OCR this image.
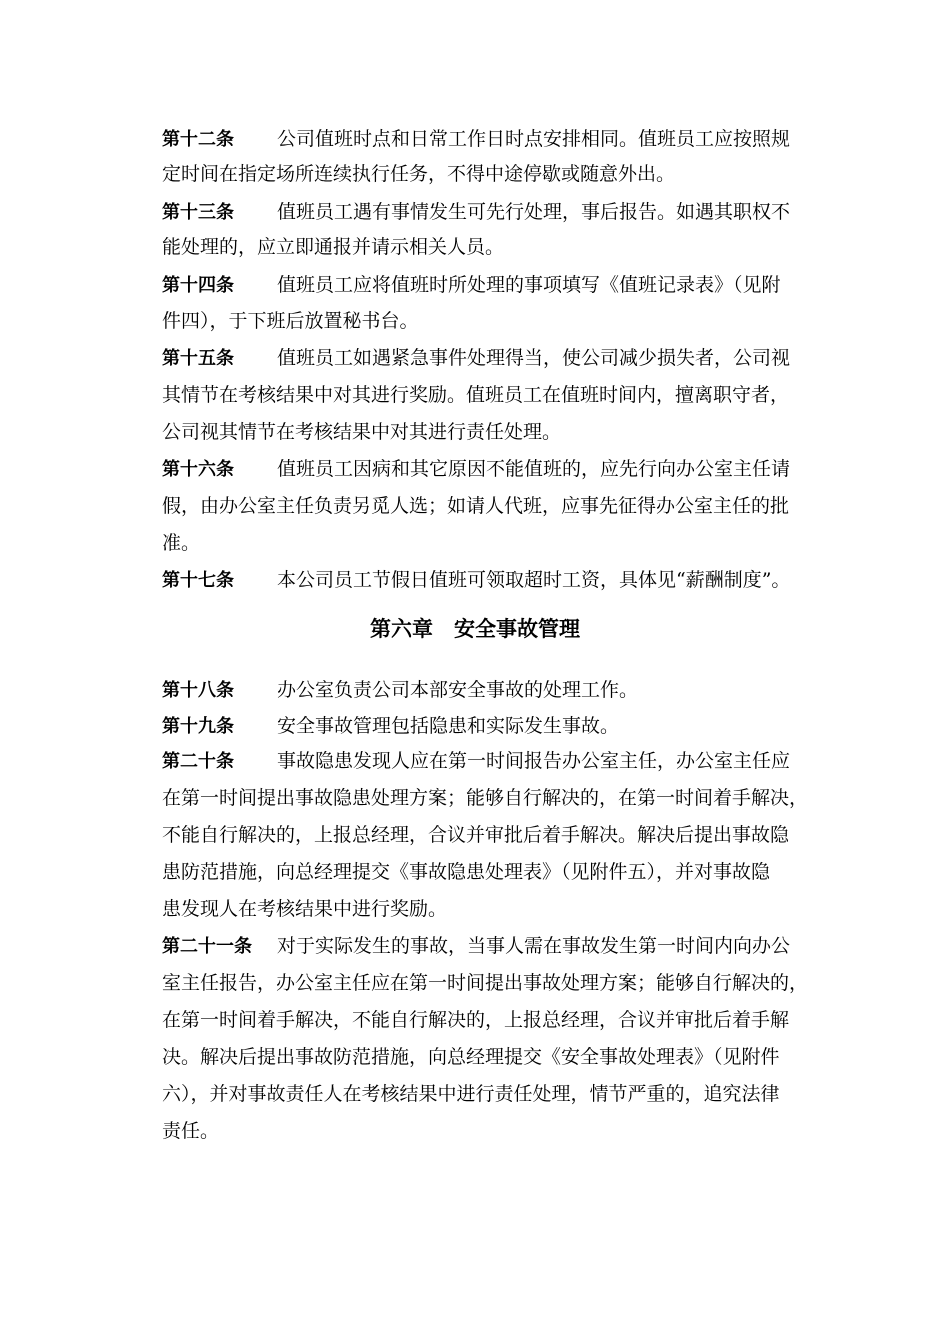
第十二条 公司值班时点和日常工作日时点安排相同。值班员工应按照规
定时间在指定场所连续执行任务，不得中途停歇或随意外出。
第十三条 值班员工遇有事情发生可先行处理，事后报告。如遇其职权不
能处理的，应立即通报并请示相关人员。
第十四条 值班员工应将值班时所处理的事项填写《值班记录表》（见附
件四），于下班后放置秘书台。
第十五条 值班员工如遇紧急事件处理得当，使公司减少损失者，公司视
其情节在考核结果中对其进行奖励。值班员工在值班时间内，擅离职守者，
公司视其情节在考核结果中对其进行责任处理。
第十六条 值班员工因病和其它原因不能值班的，应先行向办公室主任请
假，由办公室主任负责另觅人选；如请人代班，应事先征得办公室主任的批
准。
第十七条 本公司员工节假日值班可领取超时工资，具体见“薪酬制度”。
第六章　安全事故管理
第十八条 办公室负责公司本部安全事故的处理工作。
第十九条 安全事故管理包括隐患和实际发生事故。
第二十条 事故隐患发现人应在第一时间报告办公室主任，办公室主任应
在第一时间提出事故隐患处理方案；能够自行解决的，在第一时间着手解决，
不能自行解决的，上报总经理，合议并审批后着手解决。解决后提出事故隐
患防范措施，向总经理提交《事故隐患处理表》（见附件五），并对事故隐
患发现人在考核结果中进行奖励。
第二十一条 对于实际发生的事故，当事人需在事故发生第一时间内向办公
室主任报告，办公室主任应在第一时间提出事故处理方案；能够自行解决的，
在第一时间着手解决，不能自行解决的，上报总经理，合议并审批后着手解
决。解决后提出事故防范措施，向总经理提交《安全事故处理表》（见附件
六），并对事故责任人在考核结果中进行责任处理，情节严重的，追究法律
责任。
